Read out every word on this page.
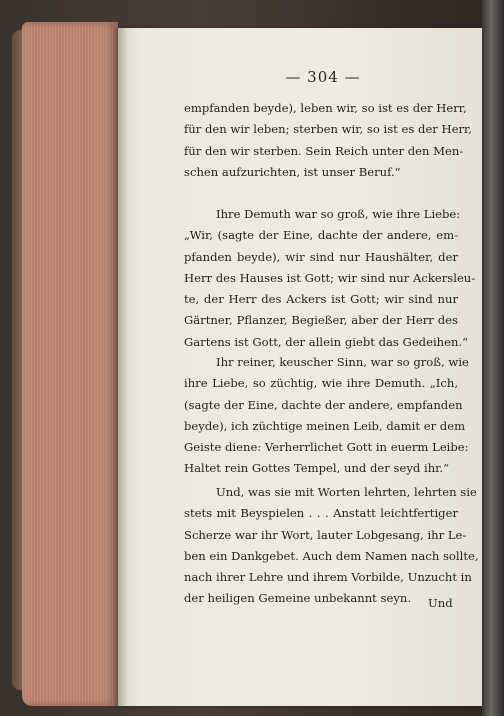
— 304 —
empfanden beyde), leben wir, so ist es der Herr,
für den wir leben; sterben wir, so ist es der Herr,
für den wir sterben. Sein Reich unter den Men-
schen aufzurichten, ist unser Beruf.“
Ihre Demuth war so groß, wie ihre Liebe:
„Wir, (sagte der Eine, dachte der andere, em-
pfanden beyde), wir sind nur Haushälter, der
Herr des Hauses ist Gott; wir sind nur Ackersleu-
te, der Herr des Ackers ist Gott; wir sind nur
Gärtner, Pflanzer, Begießer, aber der Herr des
Gartens ist Gott, der allein giebt das Gedeihen.“
Ihr reiner, keuscher Sinn, war so groß, wie
ihre Liebe, so züchtig, wie ihre Demuth. „Ich,
(sagte der Eine, dachte der andere, empfanden
beyde), ich züchtige meinen Leib, damit er dem
Geiste diene: Verherrlichet Gott in euerm Leibe:
Haltet rein Gottes Tempel, und der seyd ihr.“
Und, was sie mit Worten lehrten, lehrten sie
stets mit Beyspielen . . . Anstatt leichtfertiger
Scherze war ihr Wort, lauter Lobgesang, ihr Le-
ben ein Dankgebet. Auch dem Namen nach sollte,
nach ihrer Lehre und ihrem Vorbilde, Unzucht in
der heiligen Gemeine unbekannt seyn.	Und
